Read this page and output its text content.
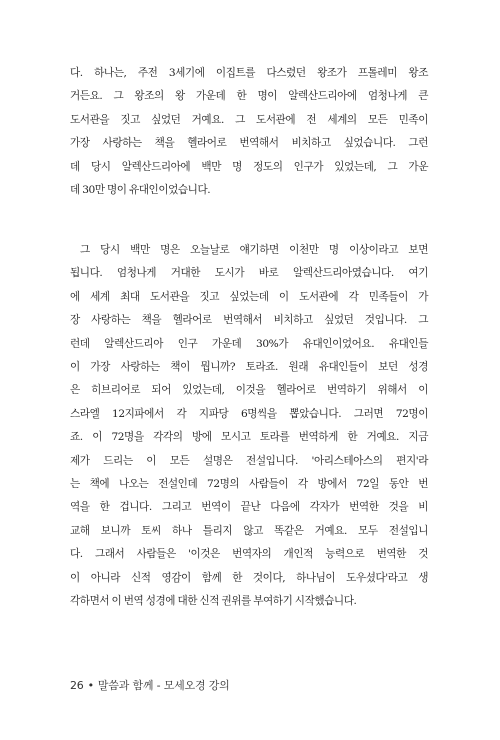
다. 하나는, 주전 3세기에 이집트를 다스렸던 왕조가 프톨레미 왕조
거든요. 그 왕조의 왕 가운데 한 명이 알렉산드리아에 엄청나게 큰
도서관을 짓고 싶었던 거예요. 그 도서관에 전 세계의 모든 민족이
가장 사랑하는 책을 헬라어로 번역해서 비치하고 싶었습니다. 그런
데 당시 알렉산드리아에 백만 명 정도의 인구가 있었는데, 그 가운
데 30만 명이 유대인이었습니다.
그 당시 백만 명은 오늘날로 얘기하면 이천만 명 이상이라고 보면
됩니다. 엄청나게 거대한 도시가 바로 알렉산드리아였습니다. 여기
에 세계 최대 도서관을 짓고 싶었는데 이 도서관에 각 민족들이 가
장 사랑하는 책을 헬라어로 번역해서 비치하고 싶었던 것입니다. 그
런데 알렉산드리아 인구 가운데 30%가 유대인이었어요. 유대인들
이 가장 사랑하는 책이 뭡니까? 토라죠. 원래 유대인들이 보던 성경
은 히브리어로 되어 있었는데, 이것을 헬라어로 번역하기 위해서 이
스라엘 12지파에서 각 지파당 6명씩을 뽑았습니다. 그러면 72명이
죠. 이 72명을 각각의 방에 모시고 토라를 번역하게 한 거예요. 지금
제가 드리는 이 모든 설명은 전설입니다. '아리스테아스의 편지'라
는 책에 나오는 전설인데 72명의 사람들이 각 방에서 72일 동안 번
역을 한 겁니다. 그리고 번역이 끝난 다음에 각자가 번역한 것을 비
교해 보니까 토씨 하나 틀리지 않고 똑같은 거예요. 모두 전설입니
다. 그래서 사람들은 '이것은 번역자의 개인적 능력으로 번역한 것
이 아니라 신적 영감이 함께 한 것이다, 하나님이 도우셨다'라고 생
각하면서 이 번역 성경에 대한 신적 권위를 부여하기 시작했습니다.
26 • 말씀과 함께 - 모세오경 강의
